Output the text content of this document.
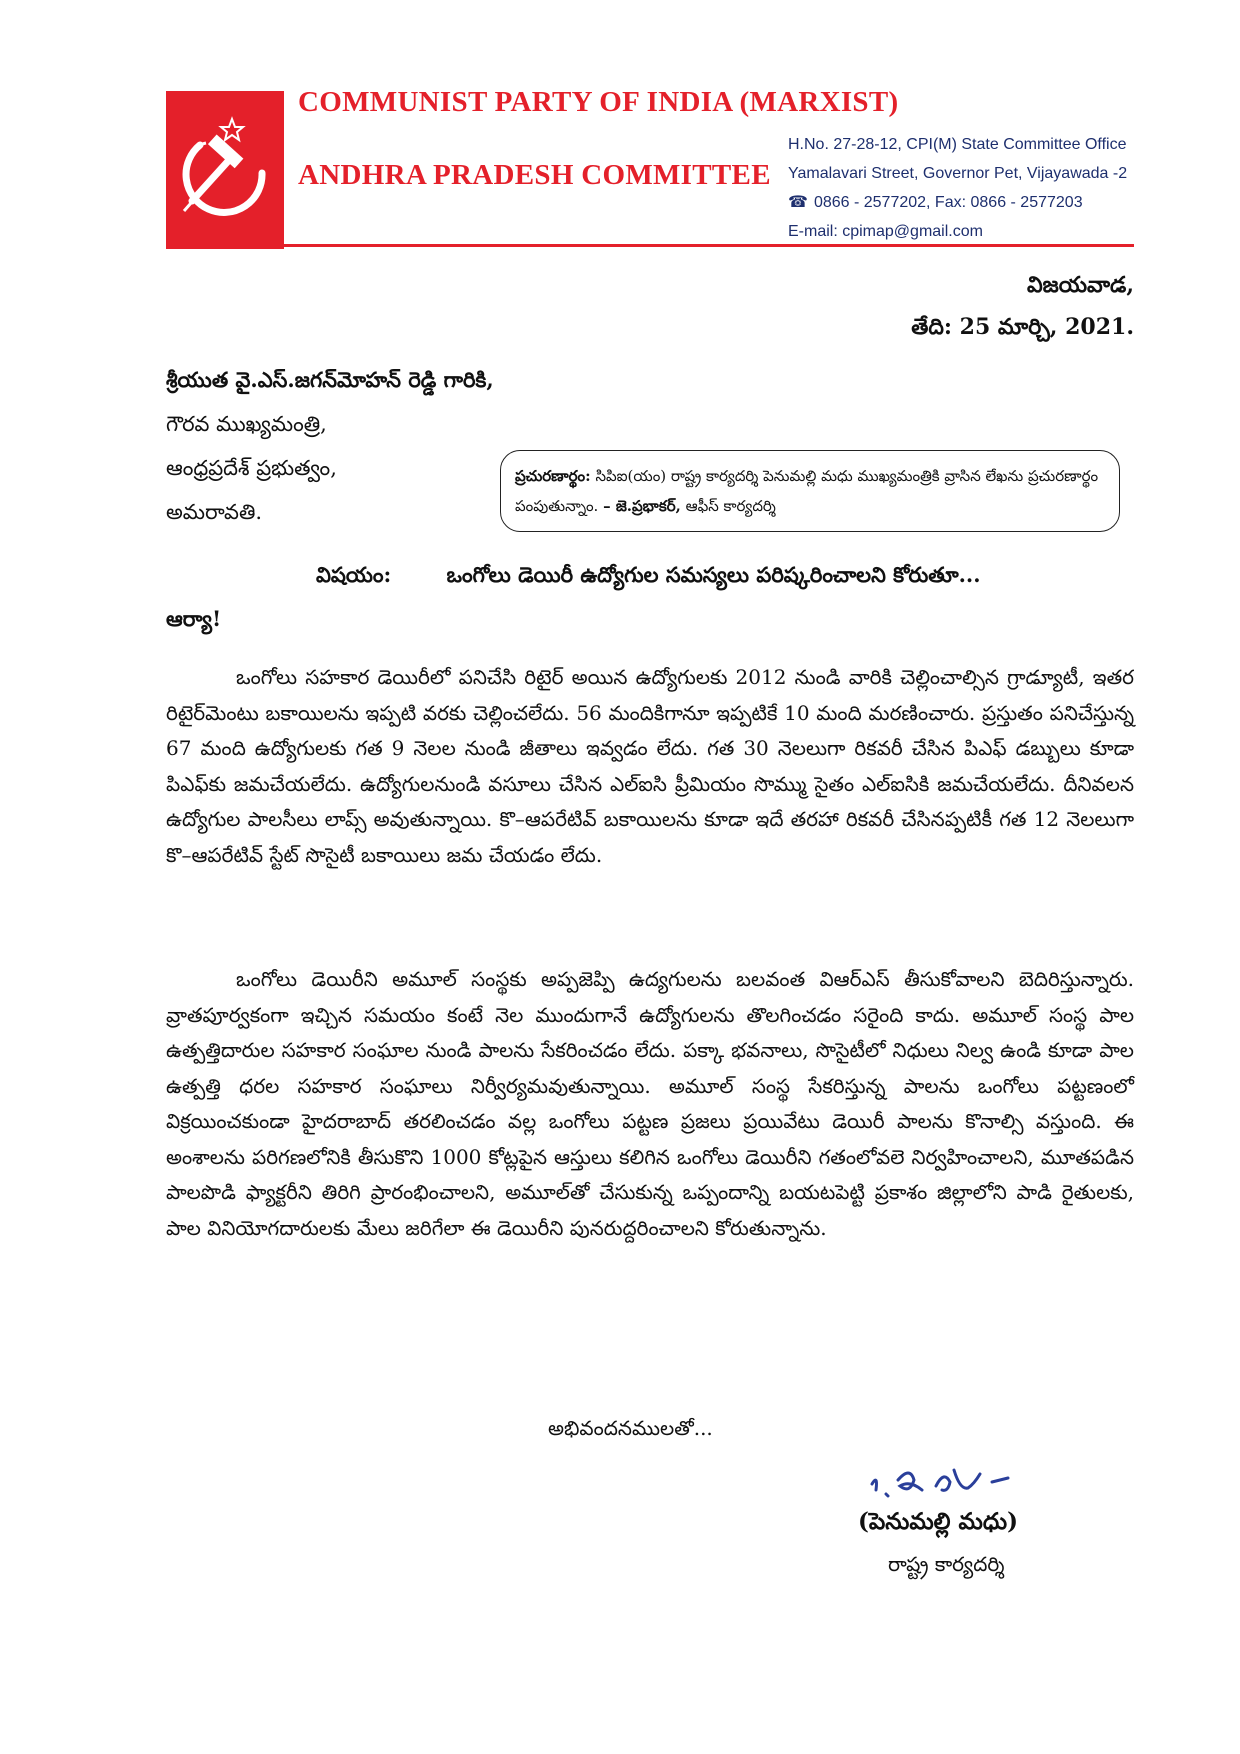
COMMUNIST PARTY OF INDIA (MARXIST)
ANDHRA PRADESH COMMITTEE
H.No. 27-28-12, CPI(M) State Committee Office
Yamalavari Street, Governor Pet, Vijayawada -2
☎ 0866 - 2577202, Fax: 0866 - 2577203
E-mail: cpimap@gmail.com
విజయవాడ,
తేది: 25 మార్చి, 2021.
శ్రీయుత వై.ఎస్.జగన్‌మోహన్ రెడ్డి గారికి,
గౌరవ ముఖ్యమంత్రి,
ఆంధ్రప్రదేశ్ ప్రభుత్వం,
అమరావతి.
ప్రచురణార్థం: సిపిఐ(యం) రాష్ట్ర కార్యదర్శి పెనుమల్లి మధు ముఖ్యమంత్రికి వ్రాసిన లేఖను ప్రచురణార్థం పంపుతున్నాం. – జె.ప్రభాకర్, ఆఫీస్ కార్యదర్శి
విషయం:	ఒంగోలు డెయిరీ ఉద్యోగుల సమస్యలు పరిష్కరించాలని కోరుతూ...
ఆర్యా!
ఒంగోలు సహకార డెయిరీలో పనిచేసి రిటైర్ అయిన ఉద్యోగులకు 2012 నుండి వారికి చెల్లించాల్సిన గ్రాడ్యూటీ, ఇతర రిటైర్‌మెంటు బకాయిలను ఇప్పటి వరకు చెల్లించలేదు. 56 మందికిగానూ ఇప్పటికే 10 మంది మరణించారు. ప్రస్తుతం పనిచేస్తున్న 67 మంది ఉద్యోగులకు గత 9 నెలల నుండి జీతాలు ఇవ్వడం లేదు. గత 30 నెలలుగా రికవరీ చేసిన పిఎఫ్ డబ్బులు కూడా పిఎఫ్‌కు జమచేయలేదు. ఉద్యోగులనుండి వసూలు చేసిన ఎల్ఐసి ప్రీమియం సొమ్ము సైతం ఎల్ఐసికి జమచేయలేదు. దీనివలన ఉద్యోగుల పాలసీలు లాప్స్ అవుతున్నాయి. కొ–ఆపరేటివ్ బకాయిలను కూడా ఇదే తరహా రికవరీ చేసినప్పటికీ గత 12 నెలలుగా కొ–ఆపరేటివ్ స్టేట్ సొసైటీ బకాయిలు జమ చేయడం లేదు.
ఒంగోలు డెయిరీని అమూల్ సంస్థకు అప్పజెప్పి ఉద్యగులను బలవంత విఆర్ఎస్ తీసుకోవాలని బెదిరిస్తున్నారు. వ్రాతపూర్వకంగా ఇచ్చిన సమయం కంటే నెల ముందుగానే ఉద్యోగులను తొలగించడం సరైంది కాదు. అమూల్ సంస్థ పాల ఉత్పత్తిదారుల సహకార సంఘాల నుండి పాలను సేకరించడం లేదు. పక్కా భవనాలు, సొసైటీలో నిధులు నిల్వ ఉండి కూడా పాల ఉత్పత్తి ధరల సహకార సంఘాలు నిర్వీర్యమవుతున్నాయి. అమూల్ సంస్థ సేకరిస్తున్న పాలను ఒంగోలు పట్టణంలో విక్రయించకుండా హైదరాబాద్ తరలించడం వల్ల ఒంగోలు పట్టణ ప్రజలు ప్రయివేటు డెయిరీ పాలను కొనాల్సి వస్తుంది. ఈ అంశాలను పరిగణలోనికి తీసుకొని 1000 కోట్లపైన ఆస్తులు కలిగిన ఒంగోలు డెయిరీని గతంలోవలె నిర్వహించాలని, మూతపడిన పాలపొడి ఫ్యాక్టరీని తిరిగి ప్రారంభించాలని, అమూల్‌తో చేసుకున్న ఒప్పందాన్ని బయటపెట్టి ప్రకాశం జిల్లాలోని పాడి రైతులకు, పాల వినియోగదారులకు మేలు జరిగేలా ఈ డెయిరీని పునరుద్దరించాలని కోరుతున్నాను.
అభివందనములతో...
(పెనుమల్లి మధు)
రాష్ట్ర కార్యదర్శి
